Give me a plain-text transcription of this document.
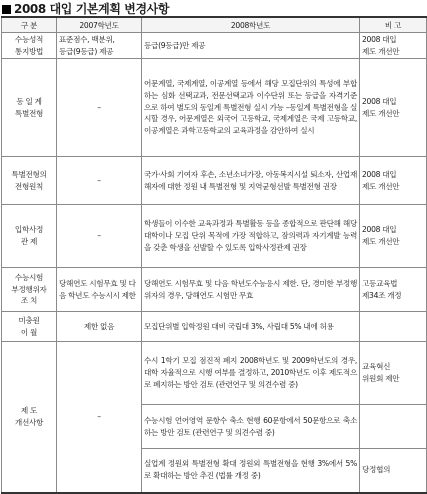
2008 대입 기본계획 변경사항
구 분	2007학년도	2008학년도	비 고
수능성적
통지방법	표준점수, 백분위,
등급(9등급) 제공	등급(9등급)만 제공	2008 대입
제도 개선안
동 일 계
특별전형	–	어문계열, 국제계열, 이공계열 등에서 해당 모집단위의 특성에 부합하는 심화 선택교과, 전문선택교과 이수단위 또는 등급을 자격기준으로 하여 별도의 동일계 특별전형 실시 가능 –동일계 특별전형을 실시할 경우, 어문계열은 외국어 고등학교, 국제계열은 국제 고등학교, 이공계열은 과학고등학교의 교육과정을 감안하여 실시	2008 대입
제도 개선안
특별전형의
전형원칙	–	국가·사회 기여자 후손, 소년소녀가장, 아동복지시설 퇴소자, 산업재해자에 대한 정원 내 특별전형 및 지역균형선발 특별전형 권장	2008 대입
제도 개선안
입학사정
관 제	–	학생들이 이수한 교육과정과 특별활동 등을 종합적으로 판단해 해당 대학이나 모집 단위 목적에 가장 적합하고, 잠의력과 자기계발 능력을 갖춘 학생을 선발할 수 있도록 입학사정관제 권장	2008 대입
제도 개선안
수능시험
부정행위자
조 치	당해연도 시험무효 및 다음 학년도 수능시시 제한	당해연도 시험무효 및 다음 학년도수능응시 제한. 단, 경미한 부정행위자의 경우, 당해연도 시험만 무효	고등교육법
제34조 개정
미충원
이 월	제한 없음	모집단위별 입학정원 대비 국립대 3%, 사립대 5% 내에 허용	
제 도
개선사항	–	수시 1학기 모집 점진적 폐지 2008학년도 및 2009학년도의 경우, 대학 자율적으로 시행 여부를 결정하고, 2010학년도 이후 제도적으로 폐지하는 방안 검토 (관련연구 및 의견수렴 중)	교육혁신
위원회 제안
		수능시험 언어영역 문항수 축소 현행 60문항에서 50문항으로 축소하는 방안 검토 (관련연구 및 의견수렴 중)	
		실업계 정원외 특별전형 확대 정원외 특별전형을 현행 3%에서 5%로 확대하는 방안 추진 (법률 개정 중)	당정협의
